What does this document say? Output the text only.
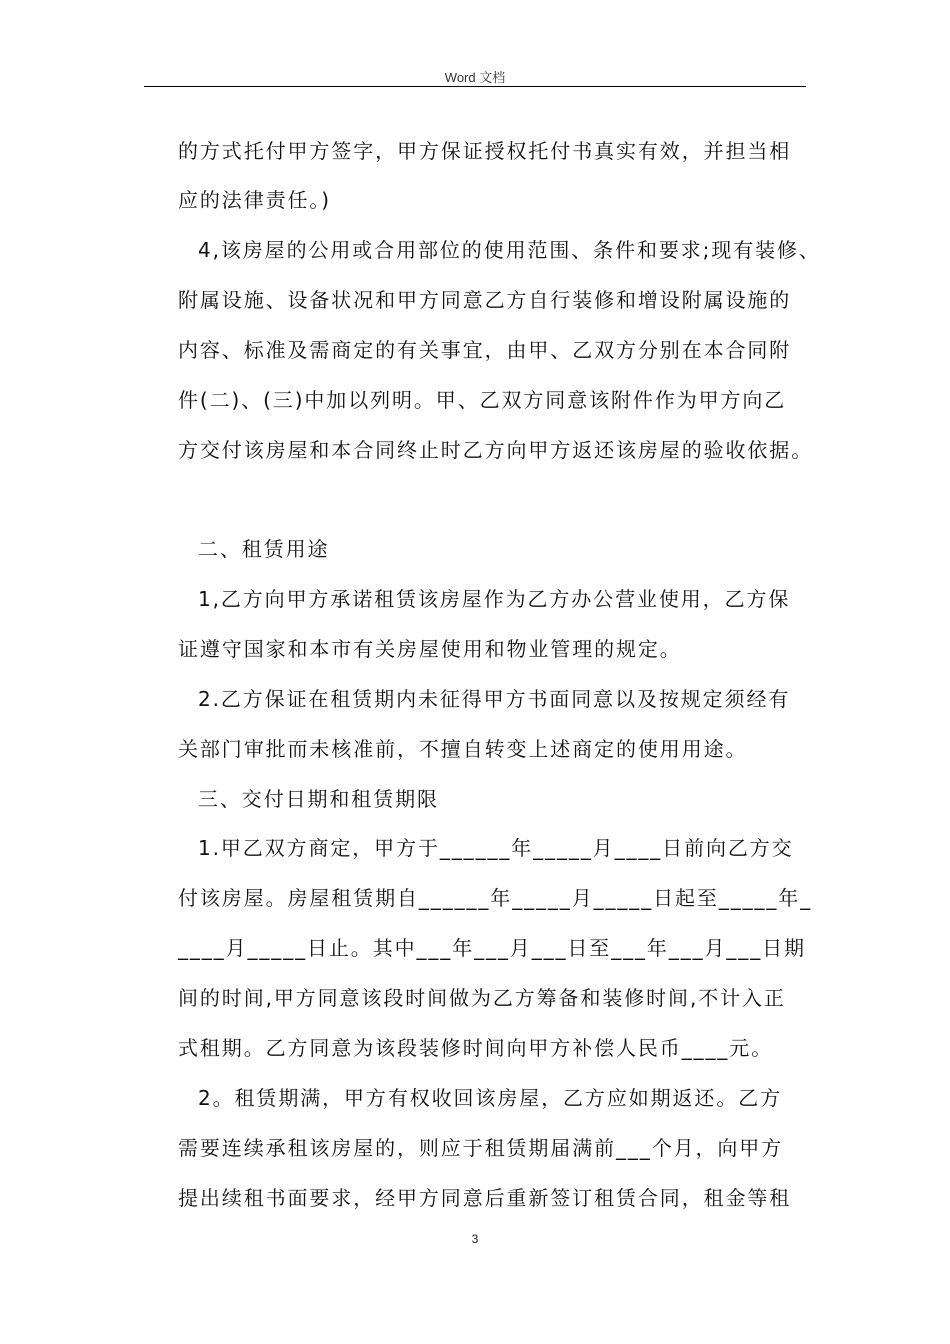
Word 文档
的方式托付甲方签字，甲方保证授权托付书真实有效，并担当相
应的法律责任。)
4,该房屋的公用或合用部位的使用范围、条件和要求;现有装修、
附属设施、设备状况和甲方同意乙方自行装修和增设附属设施的
内容、标准及需商定的有关事宜，由甲、乙双方分别在本合同附
件(二)、(三)中加以列明。甲、乙双方同意该附件作为甲方向乙
方交付该房屋和本合同终止时乙方向甲方返还该房屋的验收依据。
二、租赁用途
1,乙方向甲方承诺租赁该房屋作为乙方办公营业使用，乙方保
证遵守国家和本市有关房屋使用和物业管理的规定。
2.乙方保证在租赁期内未征得甲方书面同意以及按规定须经有
关部门审批而未核准前，不擅自转变上述商定的使用用途。
三、交付日期和租赁期限
1.甲乙双方商定，甲方于______年_____月____日前向乙方交
付该房屋。房屋租赁期自______年_____月_____日起至_____年_
____月_____日止。其中___年___月___日至___年___月___日期
间的时间,甲方同意该段时间做为乙方筹备和装修时间,不计入正
式租期。乙方同意为该段装修时间向甲方补偿人民币____元。
2。租赁期满，甲方有权收回该房屋，乙方应如期返还。乙方
需要连续承租该房屋的，则应于租赁期届满前___个月，向甲方
提出续租书面要求，经甲方同意后重新签订租赁合同，租金等租
3
